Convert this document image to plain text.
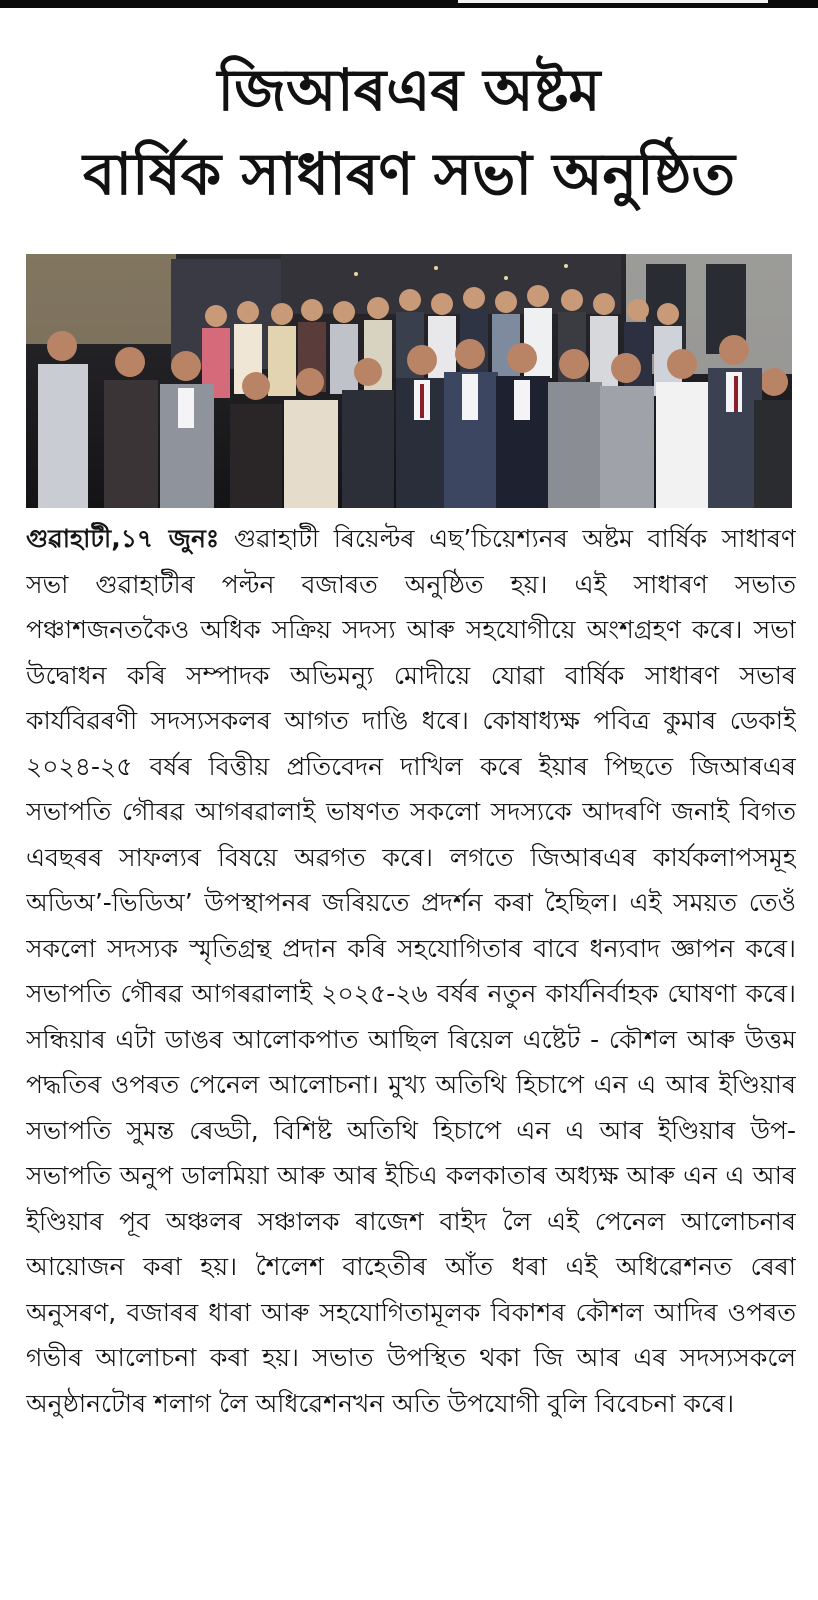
জিআৰএৰ অষ্টম
বাৰ্ষিক সাধাৰণ সভা অনুষ্ঠিত

গুৱাহাটী,১৭ জুনঃ গুৱাহাটী ৰিয়েল্টৰ এছ’চিয়েশ্যনৰ অষ্টম বাৰ্ষিক সাধাৰণ সভা গুৱাহাটীৰ পল্টন বজাৰত অনুষ্ঠিত হয়। এই সাধাৰণ সভাত পঞ্চাশজনতকৈও অধিক সক্ৰিয় সদস্য আৰু সহযোগীয়ে অংশগ্ৰহণ কৰে। সভা উদ্বোধন কৰি সম্পাদক অভিমন্যু মোদীয়ে যোৱা বাৰ্ষিক সাধাৰণ সভাৰ কাৰ্যবিৱৰণী সদস্যসকলৰ আগত দাঙি ধৰে। কোষাধ্যক্ষ পবিত্ৰ কুমাৰ ডেকাই ২০২৪-২৫ বৰ্ষৰ বিত্তীয় প্ৰতিবেদন দাখিল কৰে ইয়াৰ পিছতে জিআৰএৰ সভাপতি গৌৰৱ আগৰৱালাই ভাষণত সকলো সদস্যকে আদৰণি জনাই বিগত এবছৰৰ সাফল্যৰ বিষয়ে অৱগত কৰে। লগতে জিআৰএৰ কাৰ্যকলাপসমূহ অডিঅ’-ভিডিঅ’ উপস্থাপনৰ জৰিয়তে প্ৰদৰ্শন কৰা হৈছিল। এই সময়ত তেওঁ সকলো সদস্যক স্মৃতিগ্ৰন্থ প্ৰদান কৰি সহযোগিতাৰ বাবে ধন্যবাদ জ্ঞাপন কৰে। সভাপতি গৌৰৱ আগৰৱালাই ২০২৫-২৬ বৰ্ষৰ নতুন কাৰ্যনিৰ্বাহক ঘোষণা কৰে। সন্ধিয়াৰ এটা ডাঙৰ আলোকপাত আছিল ৰিয়েল এষ্টেট - কৌশল আৰু উত্তম পদ্ধতিৰ ওপৰত পেনেল আলোচনা। মুখ্য অতিথি হিচাপে এন এ আৰ ইণ্ডিয়াৰ সভাপতি সুমন্ত ৰেড্ডী, বিশিষ্ট অতিথি হিচাপে এন এ আৰ ইণ্ডিয়াৰ উপ-সভাপতি অনুপ ডালমিয়া আৰু আৰ ইচিএ কলকাতাৰ অধ্যক্ষ আৰু এন এ আৰ ইণ্ডিয়াৰ পূব অঞ্চলৰ সঞ্চালক ৰাজেশ বাইদ লৈ এই পেনেল আলোচনাৰ আয়োজন কৰা হয়। শৈলেশ বাহেতীৰ আঁত ধৰা এই অধিৱেশনত ৰেৰা অনুসৰণ, বজাৰৰ ধাৰা আৰু সহযোগিতামূলক বিকাশৰ কৌশল আদিৰ ওপৰত গভীৰ আলোচনা কৰা হয়। সভাত উপস্থিত থকা জি আৰ এৰ সদস্যসকলে অনুষ্ঠানটোৰ শলাগ লৈ অধিৱেশনখন অতি উপযোগী বুলি বিবেচনা কৰে।
